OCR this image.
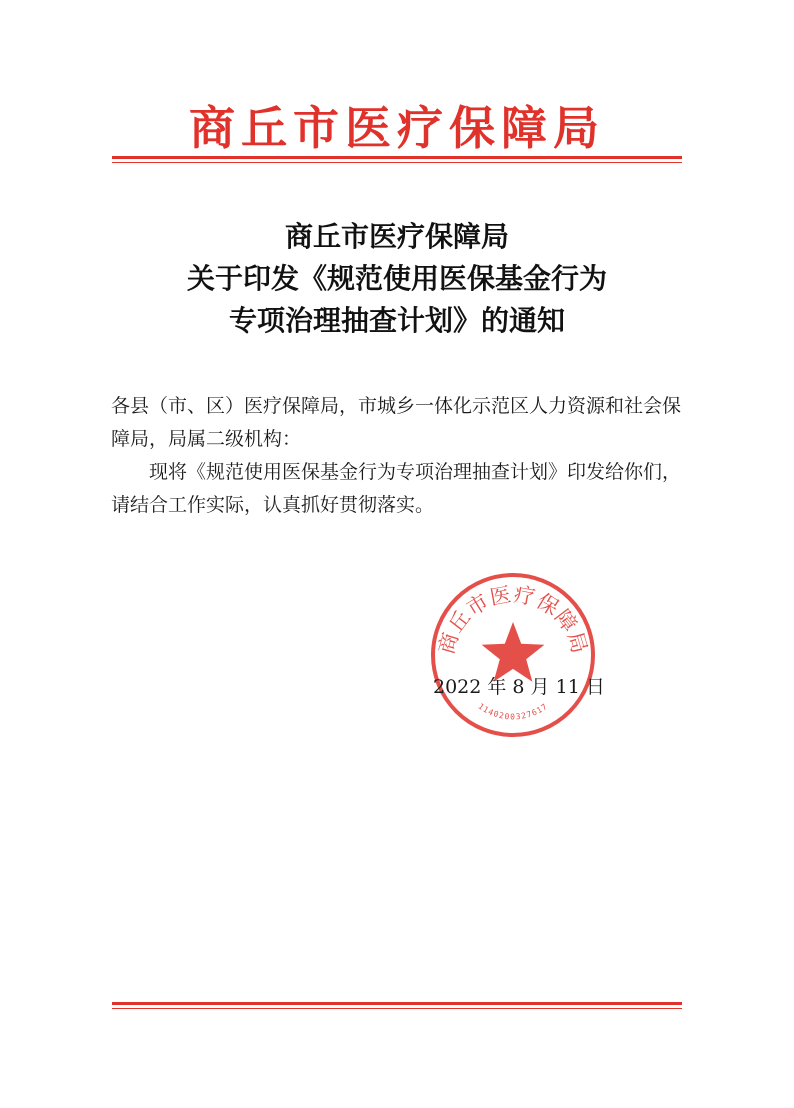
商丘市医疗保障局
商丘市医疗保障局
关于印发《规范使用医保基金行为
专项治理抽查计划》的通知

各县（市、区）医疗保障局，市城乡一体化示范区人力资源和社会保障局，局属二级机构：

现将《规范使用医保基金行为专项治理抽查计划》印发给你们，请结合工作实际，认真抓好贯彻落实。

商丘市医疗保障局
1140200327617
2022 年 8 月 11 日
